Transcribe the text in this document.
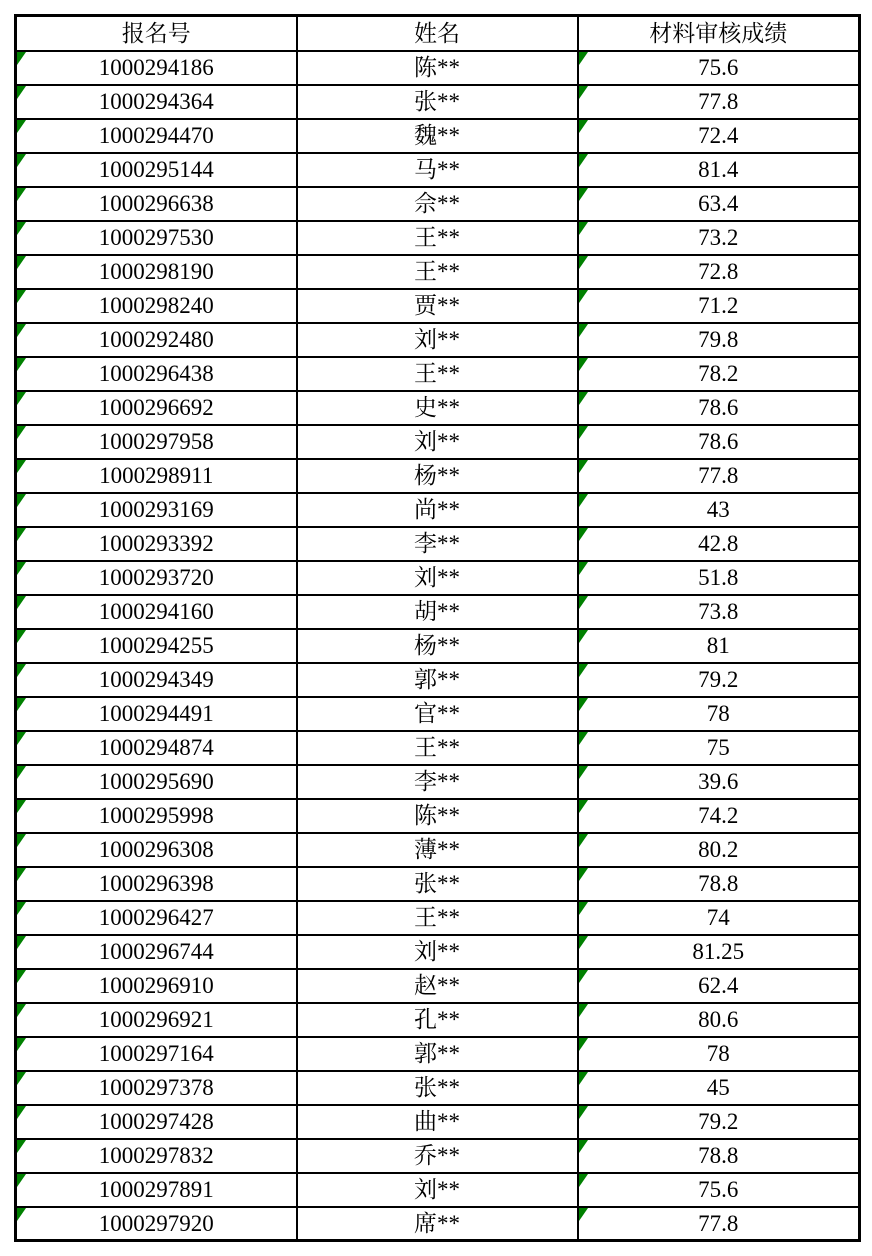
报名号	姓名	材料审核成绩

1000294186	陈**	75.6

1000294364	张**	77.8

1000294470	魏**	72.4

1000295144	马**	81.4

1000296638	佘**	63.4

1000297530	王**	73.2

1000298190	王**	72.8

1000298240	贾**	71.2

1000292480	刘**	79.8

1000296438	王**	78.2

1000296692	史**	78.6

1000297958	刘**	78.6

1000298911	杨**	77.8

1000293169	尚**	43

1000293392	李**	42.8

1000293720	刘**	51.8

1000294160	胡**	73.8

1000294255	杨**	81

1000294349	郭**	79.2

1000294491	官**	78

1000294874	王**	75

1000295690	李**	39.6

1000295998	陈**	74.2

1000296308	薄**	80.2

1000296398	张**	78.8

1000296427	王**	74

1000296744	刘**	81.25

1000296910	赵**	62.4

1000296921	孔**	80.6

1000297164	郭**	78

1000297378	张**	45

1000297428	曲**	79.2

1000297832	乔**	78.8

1000297891	刘**	75.6

1000297920	席**	77.8
